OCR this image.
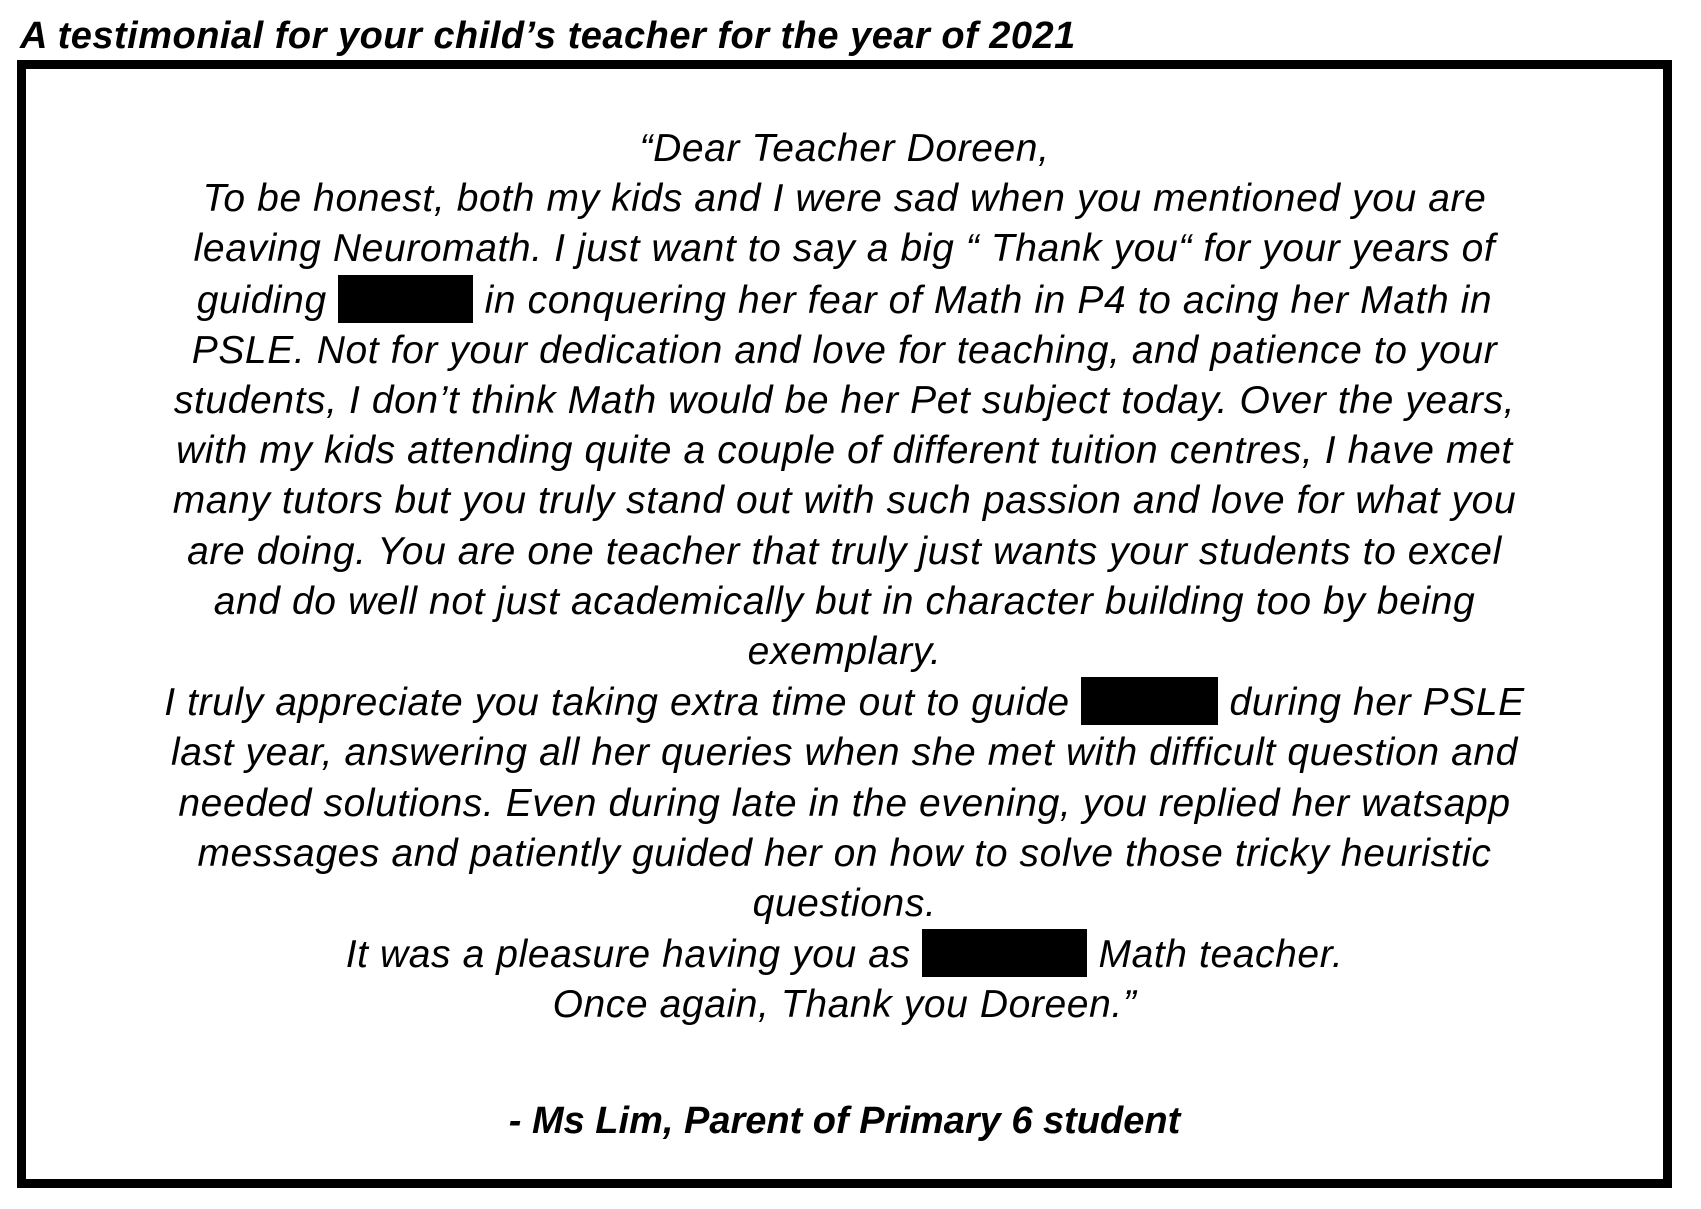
A testimonial for your child’s teacher for the year of 2021
“Dear Teacher Doreen,
To be honest, both my kids and I were sad when you mentioned you are
leaving Neuromath. I just want to say a big “ Thank you“ for your years of
guiding	in conquering her fear of Math in P4 to acing her Math in
PSLE. Not for your dedication and love for teaching, and patience to your
students, I don’t think Math would be her Pet subject today. Over the years,
with my kids attending quite a couple of different tuition centres, I have met
many tutors but you truly stand out with such passion and love for what you
are doing. You are one teacher that truly just wants your students to excel
and do well not just academically but in character building too by being
exemplary.
I truly appreciate you taking extra time out to guide	during her PSLE
last year, answering all her queries when she met with difficult question and
needed solutions. Even during late in the evening, you replied her watsapp
messages and patiently guided her on how to solve those tricky heuristic
questions.
It was a pleasure having you as	Math teacher.
Once again, Thank you Doreen.”
- Ms Lim, Parent of Primary 6 student
